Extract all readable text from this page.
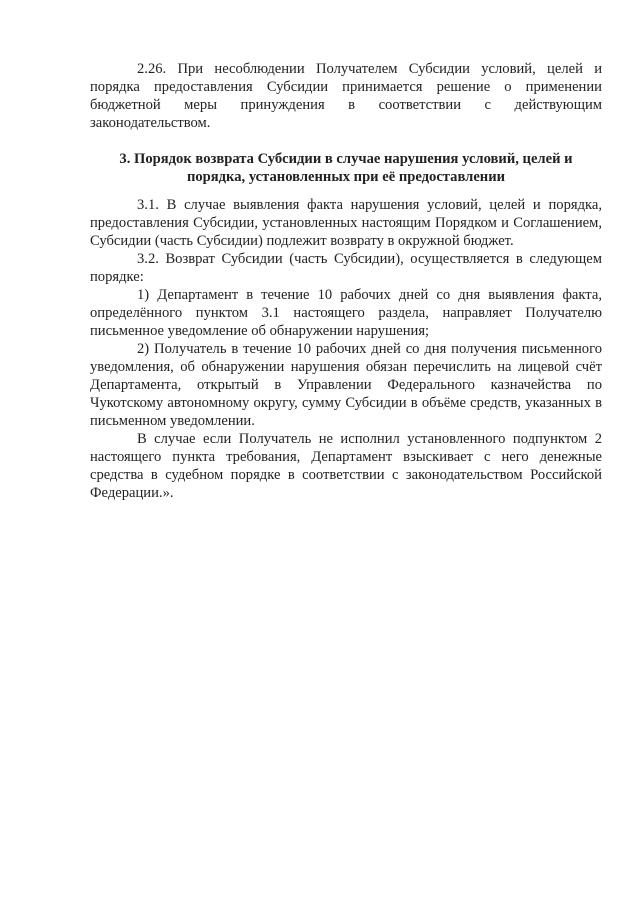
2.26. При несоблюдении Получателем Субсидии условий, целей и порядка предоставления Субсидии принимается решение о применении бюджетной меры принуждения в соответствии с действующим законодательством.

3. Порядок возврата Субсидии в случае нарушения условий, целей и порядка, установленных при её предоставлении

3.1. В случае выявления факта нарушения условий, целей и порядка, предоставления Субсидии, установленных настоящим Порядком и Соглашением, Субсидии (часть Субсидии) подлежит возврату в окружной бюджет.

3.2. Возврат Субсидии (часть Субсидии), осуществляется в следующем порядке:

1) Департамент в течение 10 рабочих дней со дня выявления факта, определённого пунктом 3.1 настоящего раздела, направляет Получателю письменное уведомление об обнаружении нарушения;

2) Получатель в течение 10 рабочих дней со дня получения письменного уведомления, об обнаружении нарушения обязан перечислить на лицевой счёт Департамента, открытый в Управлении Федерального казначейства по Чукотскому автономному округу, сумму Субсидии в объёме средств, указанных в письменном уведомлении.

В случае если Получатель не исполнил установленного подпунктом 2 настоящего пункта требования, Департамент взыскивает с него денежные средства в судебном порядке в соответствии с законодательством Российской Федерации.».
